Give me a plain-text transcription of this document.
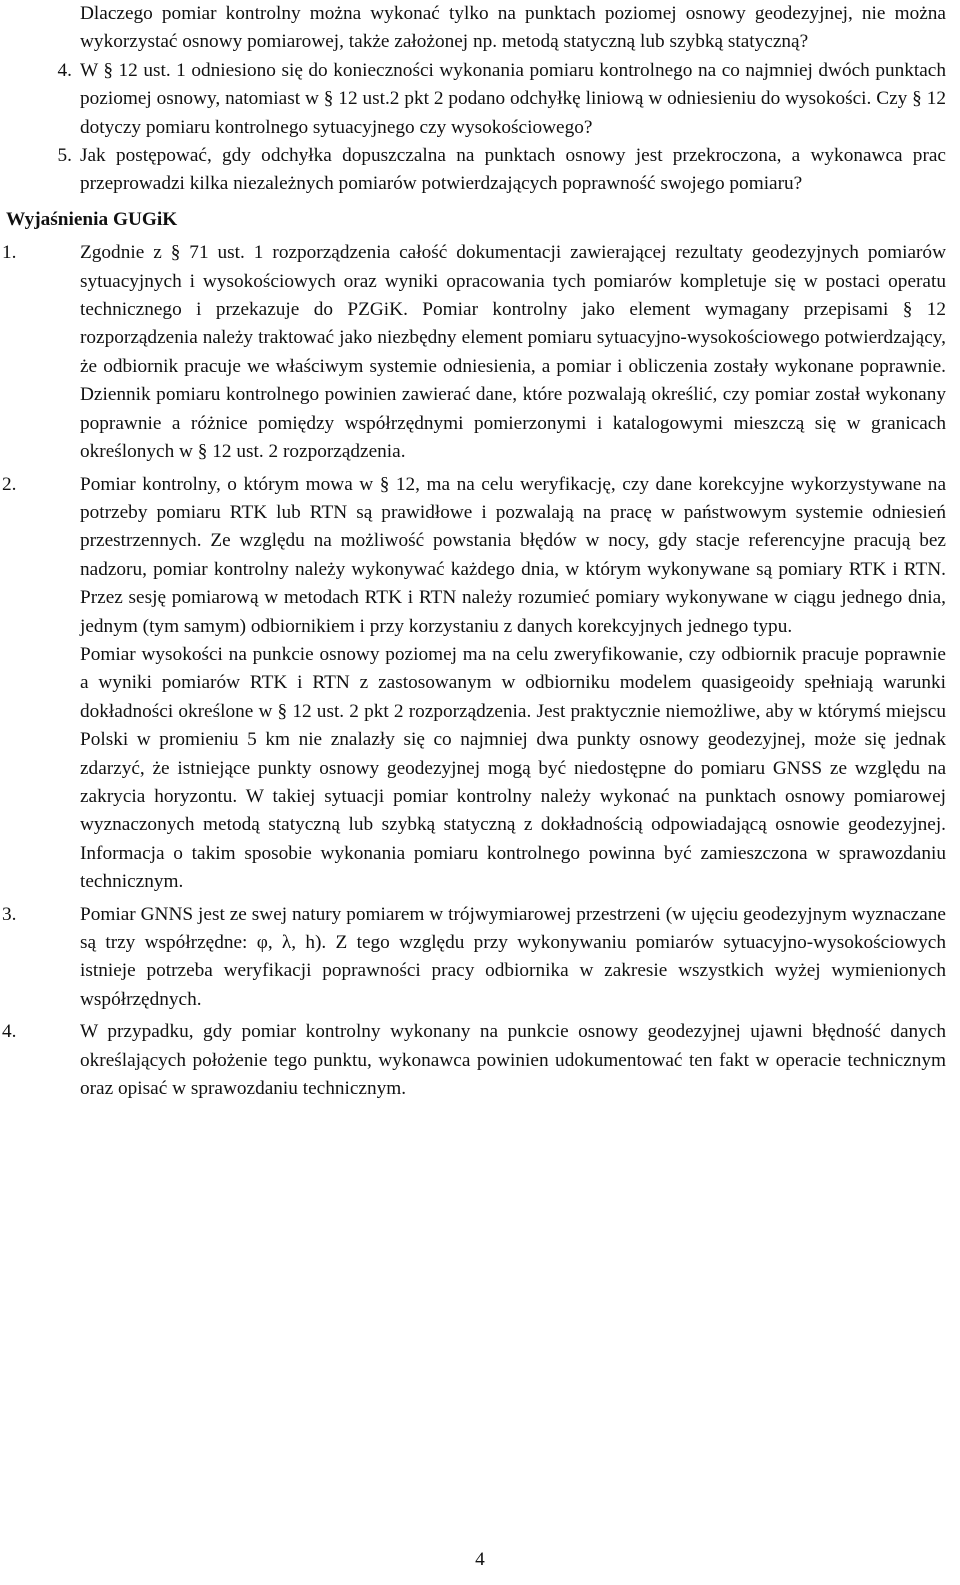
Dlaczego pomiar kontrolny można wykonać tylko na punktach poziomej osnowy geodezyjnej, nie można wykorzystać osnowy pomiarowej, także założonej np. metodą statyczną lub szybką statyczną?

4. W § 12 ust. 1 odniesiono się do konieczności wykonania pomiaru kontrolnego na co najmniej dwóch punktach poziomej osnowy, natomiast w § 12 ust.2 pkt 2 podano odchyłkę liniową w odniesieniu do wysokości. Czy § 12 dotyczy pomiaru kontrolnego sytuacyjnego czy wysokościowego?

5. Jak postępować, gdy odchyłka dopuszczalna na punktach osnowy jest przekroczona, a wykonawca prac przeprowadzi kilka niezależnych pomiarów potwierdzających poprawność swojego pomiaru?

Wyjaśnienia GUGiK
1.	Zgodnie z § 71 ust. 1 rozporządzenia całość dokumentacji zawierającej rezultaty geodezyjnych pomiarów sytuacyjnych i wysokościowych oraz wyniki opracowania tych pomiarów kompletuje się w postaci operatu technicznego i przekazuje do PZGiK. Pomiar kontrolny jako element wymagany przepisami § 12 rozporządzenia należy traktować jako niezbędny element pomiaru sytuacyjno-wysokościowego potwierdzający, że odbiornik pracuje we właściwym systemie odniesienia, a pomiar i obliczenia zostały wykonane poprawnie. Dziennik pomiaru kontrolnego powinien zawierać dane, które pozwalają określić, czy pomiar został wykonany poprawnie a różnice pomiędzy współrzędnymi pomierzonymi i katalogowymi mieszczą się w granicach określonych w § 12 ust. 2 rozporządzenia.

2.	Pomiar kontrolny, o którym mowa w § 12, ma na celu weryfikację, czy dane korekcyjne wykorzystywane na potrzeby pomiaru RTK lub RTN są prawidłowe i pozwalają na pracę w państwowym systemie odniesień przestrzennych. Ze względu na możliwość powstania błędów w nocy, gdy stacje referencyjne pracują bez nadzoru, pomiar kontrolny należy wykonywać każdego dnia, w którym wykonywane są pomiary RTK i RTN. Przez sesję pomiarową w metodach RTK i RTN należy rozumieć pomiary wykonywane w ciągu jednego dnia, jednym (tym samym) odbiornikiem i przy korzystaniu z danych korekcyjnych jednego typu.

Pomiar wysokości na punkcie osnowy poziomej ma na celu zweryfikowanie, czy odbiornik pracuje poprawnie a wyniki pomiarów RTK i RTN z zastosowanym w odbiorniku modelem quasigeoidy spełniają warunki dokładności określone w § 12 ust. 2 pkt 2 rozporządzenia. Jest praktycznie niemożliwe, aby w którymś miejscu Polski w promieniu 5 km nie znalazły się co najmniej dwa punkty osnowy geodezyjnej, może się jednak zdarzyć, że istniejące punkty osnowy geodezyjnej mogą być niedostępne do pomiaru GNSS ze względu na zakrycia horyzontu. W takiej sytuacji pomiar kontrolny należy wykonać na punktach osnowy pomiarowej wyznaczonych metodą statyczną lub szybką statyczną z dokładnością odpowiadającą osnowie geodezyjnej. Informacja o takim sposobie wykonania pomiaru kontrolnego powinna być zamieszczona w sprawozdaniu technicznym.

3.	Pomiar GNNS jest ze swej natury pomiarem w trójwymiarowej przestrzeni (w ujęciu geodezyjnym wyznaczane są trzy współrzędne: φ, λ, h). Z tego względu przy wykonywaniu pomiarów sytuacyjno-wysokościowych istnieje potrzeba weryfikacji poprawności pracy odbiornika w zakresie wszystkich wyżej wymienionych współrzędnych.

4.	W przypadku, gdy pomiar kontrolny wykonany na punkcie osnowy geodezyjnej ujawni błędność danych określających położenie tego punktu, wykonawca powinien udokumentować ten fakt w operacie technicznym oraz opisać w sprawozdaniu technicznym.

4
